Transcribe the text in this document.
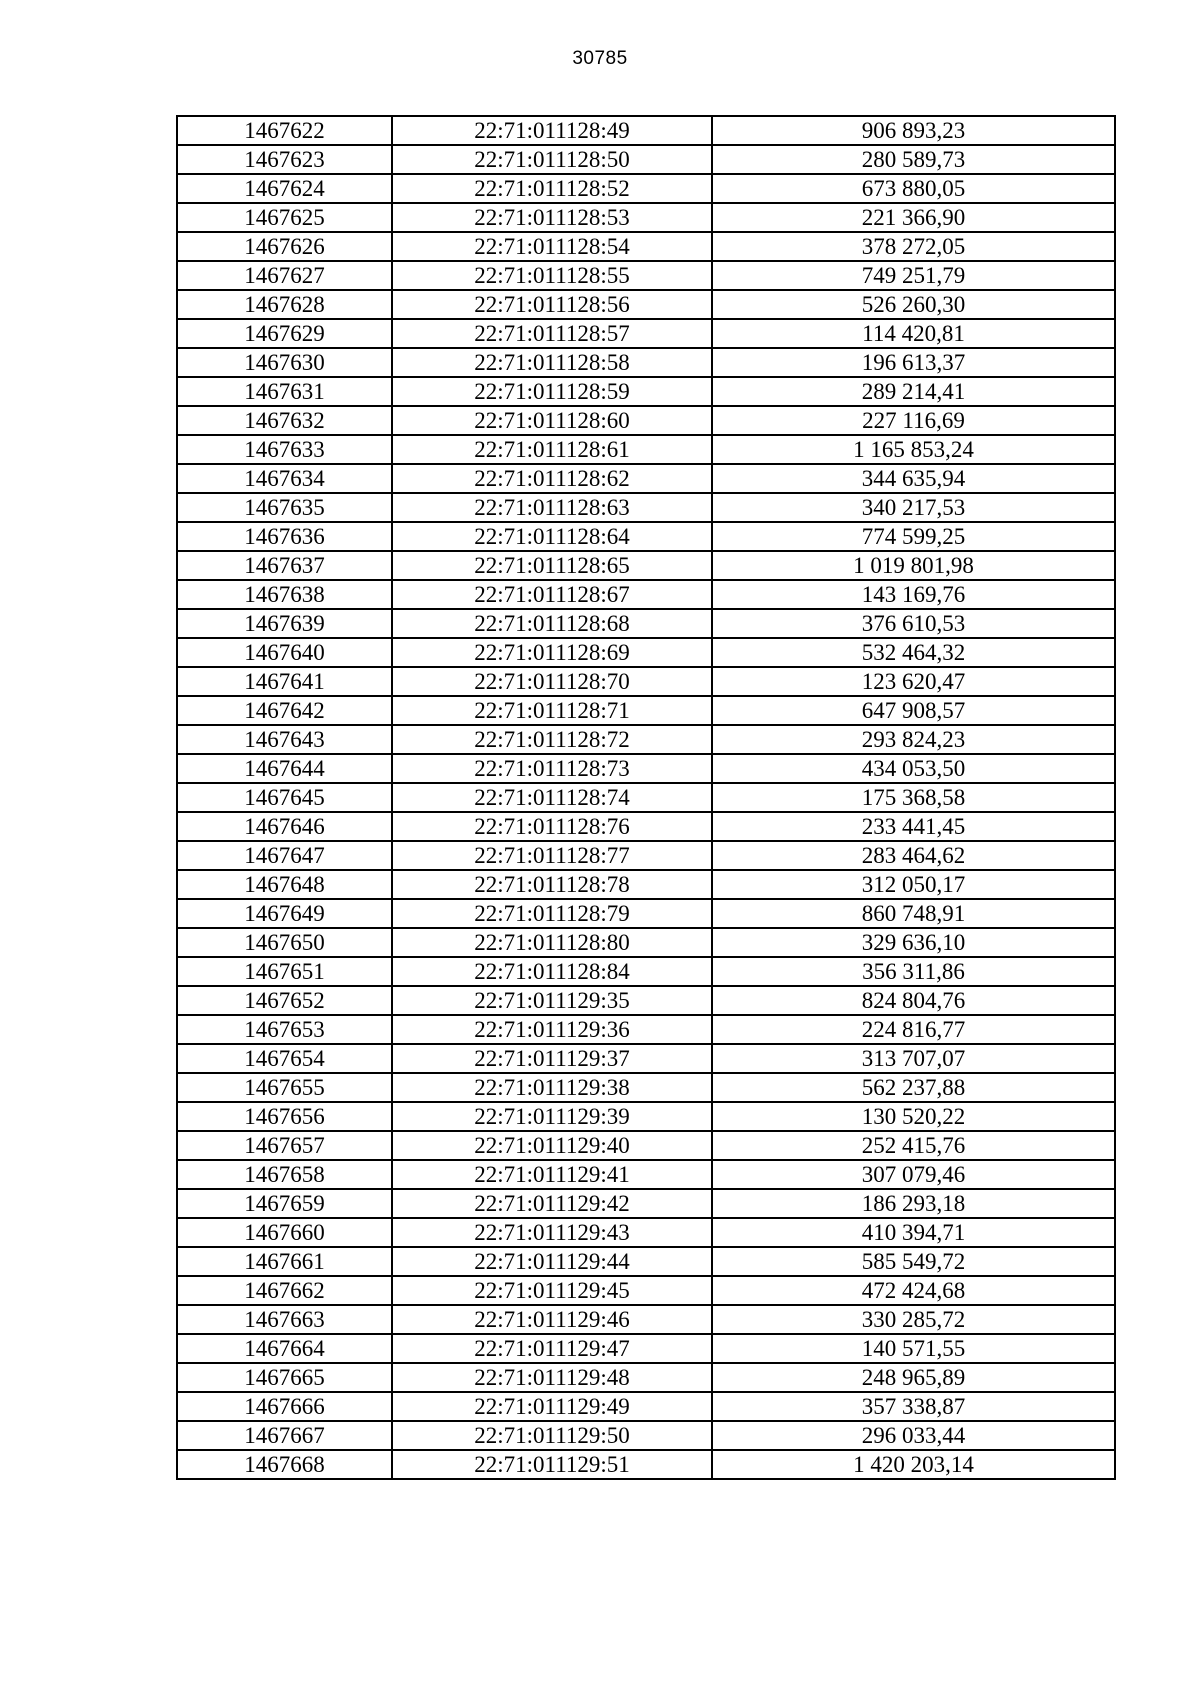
30785
1467622	22:71:011128:49	906 893,23
1467623	22:71:011128:50	280 589,73
1467624	22:71:011128:52	673 880,05
1467625	22:71:011128:53	221 366,90
1467626	22:71:011128:54	378 272,05
1467627	22:71:011128:55	749 251,79
1467628	22:71:011128:56	526 260,30
1467629	22:71:011128:57	114 420,81
1467630	22:71:011128:58	196 613,37
1467631	22:71:011128:59	289 214,41
1467632	22:71:011128:60	227 116,69
1467633	22:71:011128:61	1 165 853,24
1467634	22:71:011128:62	344 635,94
1467635	22:71:011128:63	340 217,53
1467636	22:71:011128:64	774 599,25
1467637	22:71:011128:65	1 019 801,98
1467638	22:71:011128:67	143 169,76
1467639	22:71:011128:68	376 610,53
1467640	22:71:011128:69	532 464,32
1467641	22:71:011128:70	123 620,47
1467642	22:71:011128:71	647 908,57
1467643	22:71:011128:72	293 824,23
1467644	22:71:011128:73	434 053,50
1467645	22:71:011128:74	175 368,58
1467646	22:71:011128:76	233 441,45
1467647	22:71:011128:77	283 464,62
1467648	22:71:011128:78	312 050,17
1467649	22:71:011128:79	860 748,91
1467650	22:71:011128:80	329 636,10
1467651	22:71:011128:84	356 311,86
1467652	22:71:011129:35	824 804,76
1467653	22:71:011129:36	224 816,77
1467654	22:71:011129:37	313 707,07
1467655	22:71:011129:38	562 237,88
1467656	22:71:011129:39	130 520,22
1467657	22:71:011129:40	252 415,76
1467658	22:71:011129:41	307 079,46
1467659	22:71:011129:42	186 293,18
1467660	22:71:011129:43	410 394,71
1467661	22:71:011129:44	585 549,72
1467662	22:71:011129:45	472 424,68
1467663	22:71:011129:46	330 285,72
1467664	22:71:011129:47	140 571,55
1467665	22:71:011129:48	248 965,89
1467666	22:71:011129:49	357 338,87
1467667	22:71:011129:50	296 033,44
1467668	22:71:011129:51	1 420 203,14
